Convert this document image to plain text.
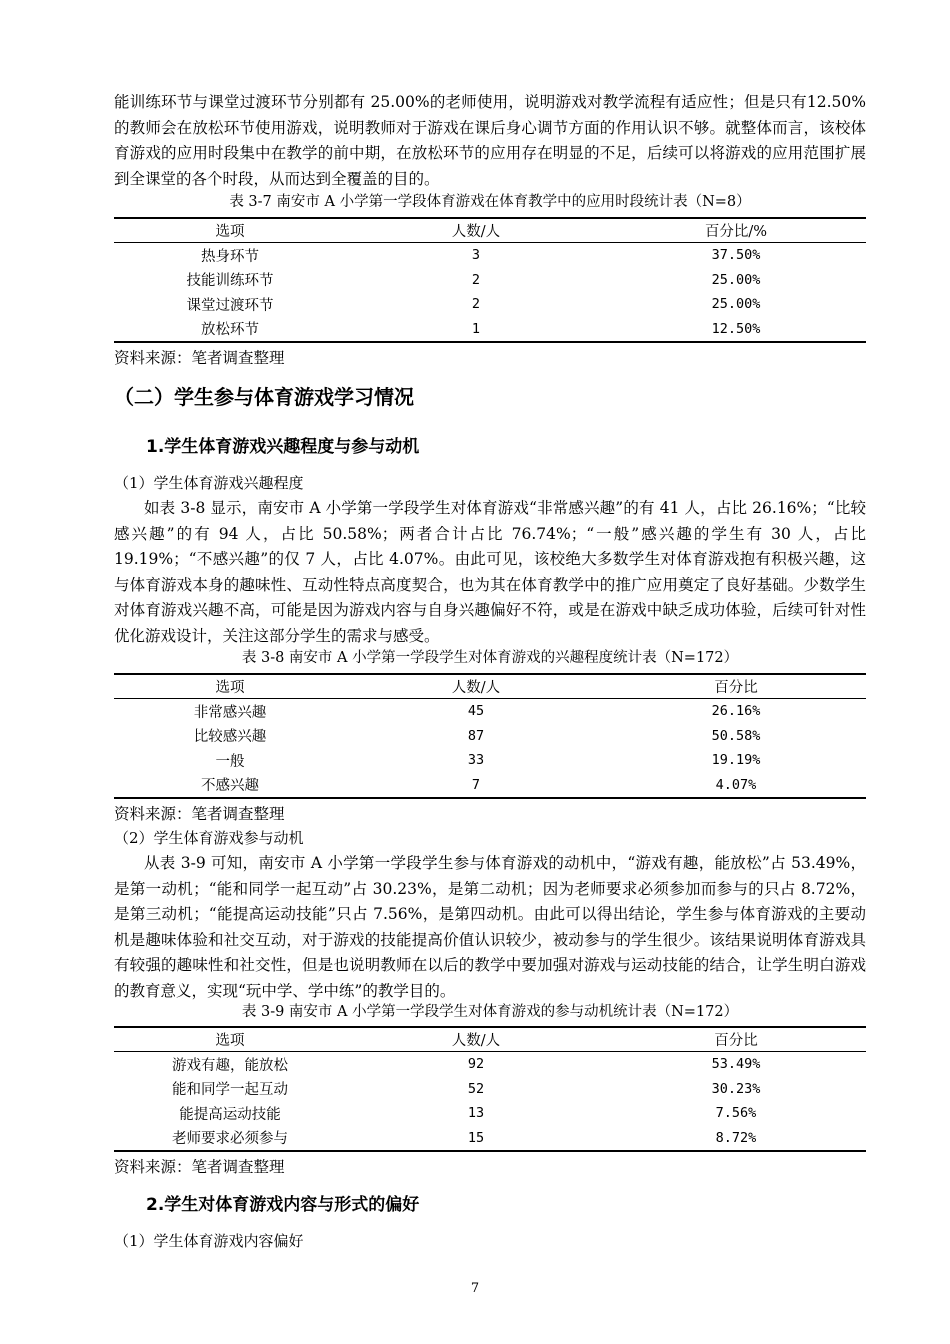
能训练环节与课堂过渡环节分别都有 25.00%的老师使用，说明游戏对教学流程有适应性；但是只有12.50%的教师会在放松环节使用游戏，说明教师对于游戏在课后身心调节方面的作用认识不够。就整体而言，该校体育游戏的应用时段集中在教学的前中期，在放松环节的应用存在明显的不足，后续可以将游戏的应用范围扩展到全课堂的各个时段，从而达到全覆盖的目的。

表 3-7 南安市 A 小学第一学段体育游戏在体育教学中的应用时段统计表（N=8）

选项	人数/人	百分比/%
热身环节	3	37.50%
技能训练环节	2	25.00%
课堂过渡环节	2	25.00%
放松环节	1	12.50%

资料来源：笔者调查整理

（二）学生参与体育游戏学习情况

1.学生体育游戏兴趣程度与参与动机

（1）学生体育游戏兴趣程度

如表 3-8 显示，南安市 A 小学第一学段学生对体育游戏“非常感兴趣”的有 41 人，占比 26.16%；“比较感兴趣”的有 94 人，占比 50.58%；两者合计占比 76.74%；“一般”感兴趣的学生有 30 人，占比 19.19%；“不感兴趣”的仅 7 人，占比 4.07%。由此可见，该校绝大多数学生对体育游戏抱有积极兴趣，这与体育游戏本身的趣味性、互动性特点高度契合，也为其在体育教学中的推广应用奠定了良好基础。少数学生对体育游戏兴趣不高，可能是因为游戏内容与自身兴趣偏好不符，或是在游戏中缺乏成功体验，后续可针对性优化游戏设计，关注这部分学生的需求与感受。

表 3-8 南安市 A 小学第一学段学生对体育游戏的兴趣程度统计表（N=172）

选项	人数/人	百分比
非常感兴趣	45	26.16%
比较感兴趣	87	50.58%
一般	33	19.19%
不感兴趣	7	4.07%

资料来源：笔者调查整理

（2）学生体育游戏参与动机

从表 3-9 可知，南安市 A 小学第一学段学生参与体育游戏的动机中，“游戏有趣，能放松”占 53.49%，是第一动机；“能和同学一起互动”占 30.23%，是第二动机；因为老师要求必须参加而参与的只占 8.72%，是第三动机；“能提高运动技能”只占 7.56%，是第四动机。由此可以得出结论，学生参与体育游戏的主要动机是趣味体验和社交互动，对于游戏的技能提高价值认识较少，被动参与的学生很少。该结果说明体育游戏具有较强的趣味性和社交性，但是也说明教师在以后的教学中要加强对游戏与运动技能的结合，让学生明白游戏的教育意义，实现“玩中学、学中练”的教学目的。

表 3-9 南安市 A 小学第一学段学生对体育游戏的参与动机统计表（N=172）

选项	人数/人	百分比
游戏有趣，能放松	92	53.49%
能和同学一起互动	52	30.23%
能提高运动技能	13	7.56%
老师要求必须参与	15	8.72%

资料来源：笔者调查整理

2.学生对体育游戏内容与形式的偏好

（1）学生体育游戏内容偏好

7
